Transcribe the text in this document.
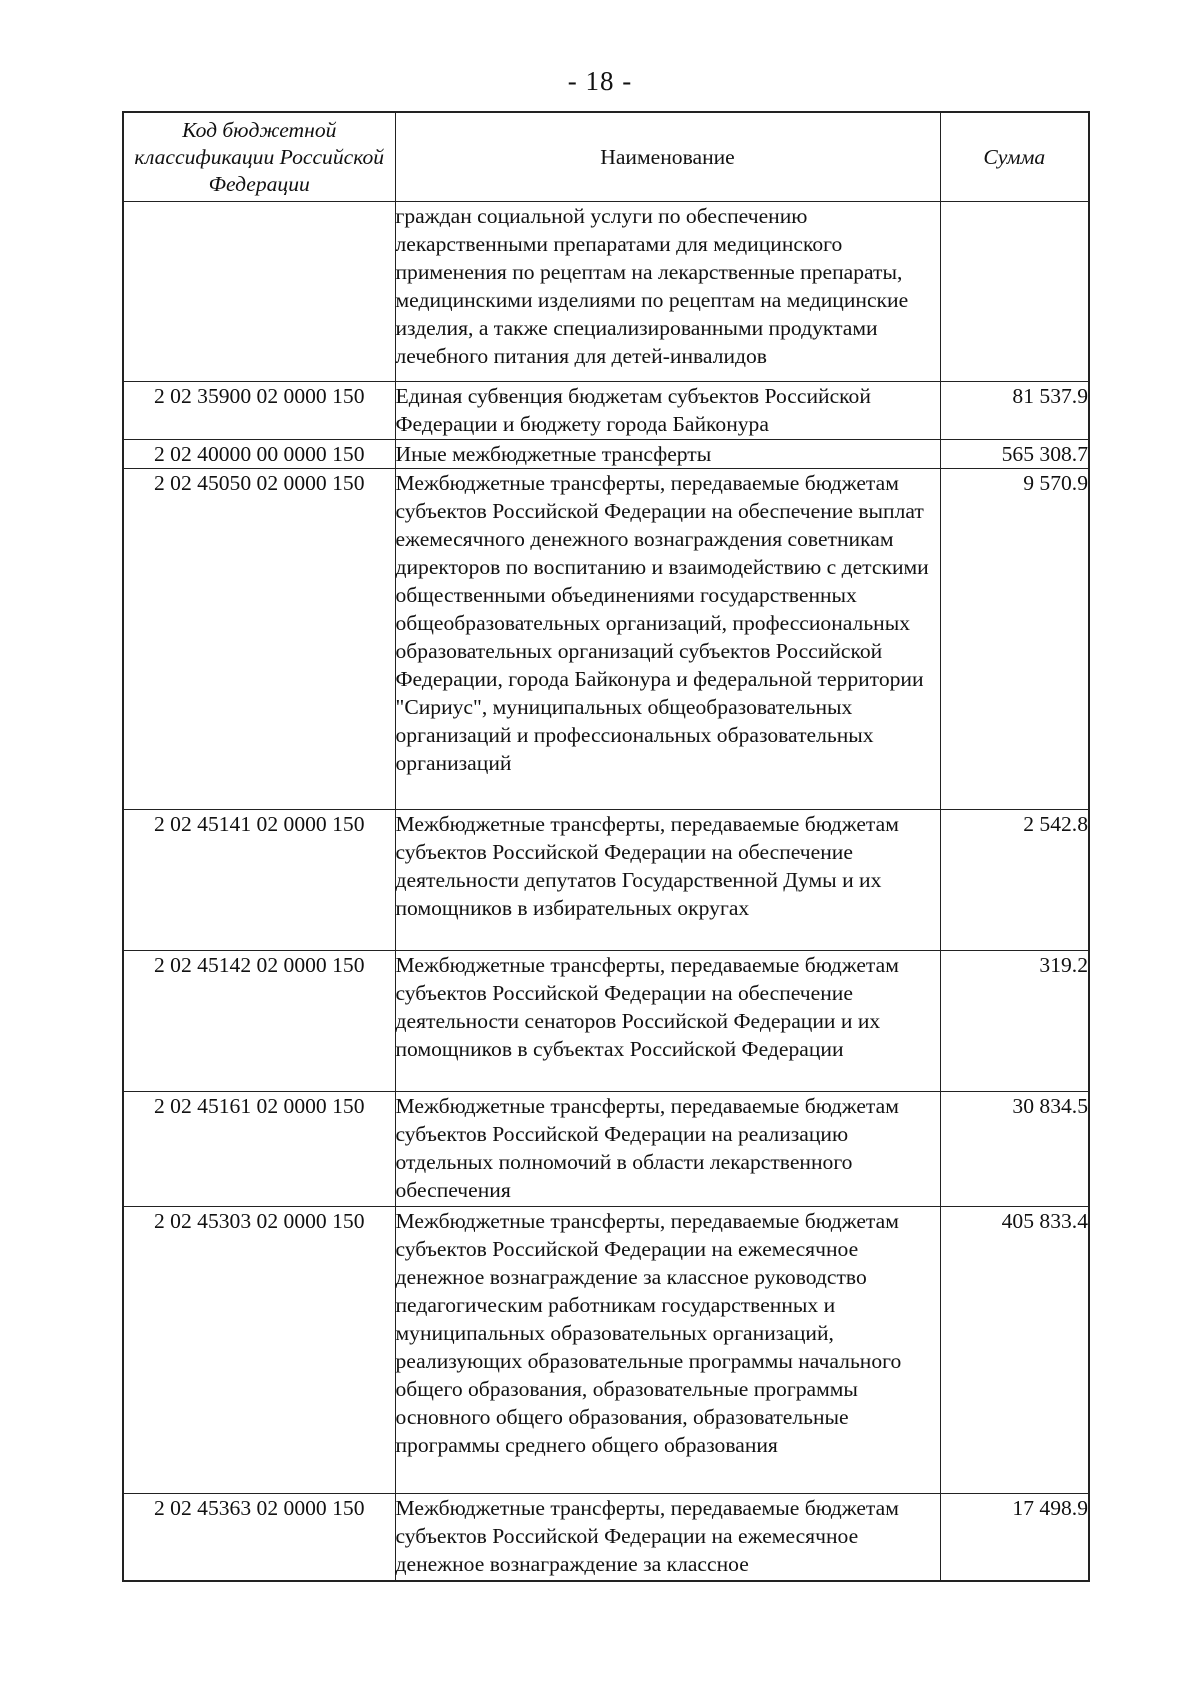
- 18 -
Код бюджетной классификации Российской Федерации	Наименование	Сумма
	граждан социальной услуги по обеспечению лекарственными препаратами для медицинского применения по рецептам на лекарственные препараты, медицинскими изделиями по рецептам на медицинские изделия, а также специализированными продуктами лечебного питания для детей-инвалидов	
2 02 35900 02 0000 150	Единая субвенция бюджетам субъектов Российской Федерации и бюджету города Байконура	81 537.9
2 02 40000 00 0000 150	Иные межбюджетные трансферты	565 308.7
2 02 45050 02 0000 150	Межбюджетные трансферты, передаваемые бюджетам субъектов Российской Федерации на обеспечение выплат ежемесячного денежного вознаграждения советникам директоров по воспитанию и взаимодействию с детскими общественными объединениями государственных общеобразовательных организаций, профессиональных образовательных организаций субъектов Российской Федерации, города Байконура и федеральной территории "Сириус", муниципальных общеобразовательных организаций и профессиональных образовательных организаций	9 570.9
2 02 45141 02 0000 150	Межбюджетные трансферты, передаваемые бюджетам субъектов Российской Федерации на обеспечение деятельности депутатов Государственной Думы и их помощников в избирательных округах	2 542.8
2 02 45142 02 0000 150	Межбюджетные трансферты, передаваемые бюджетам субъектов Российской Федерации на обеспечение деятельности сенаторов Российской Федерации и их помощников в субъектах Российской Федерации	319.2
2 02 45161 02 0000 150	Межбюджетные трансферты, передаваемые бюджетам субъектов Российской Федерации на реализацию отдельных полномочий в области лекарственного обеспечения	30 834.5
2 02 45303 02 0000 150	Межбюджетные трансферты, передаваемые бюджетам субъектов Российской Федерации на ежемесячное денежное вознаграждение за классное руководство педагогическим работникам государственных и муниципальных образовательных организаций, реализующих образовательные программы начального общего образования, образовательные программы основного общего образования, образовательные программы среднего общего образования	405 833.4
2 02 45363 02 0000 150	Межбюджетные трансферты, передаваемые бюджетам субъектов Российской Федерации на ежемесячное денежное вознаграждение за классное	17 498.9
